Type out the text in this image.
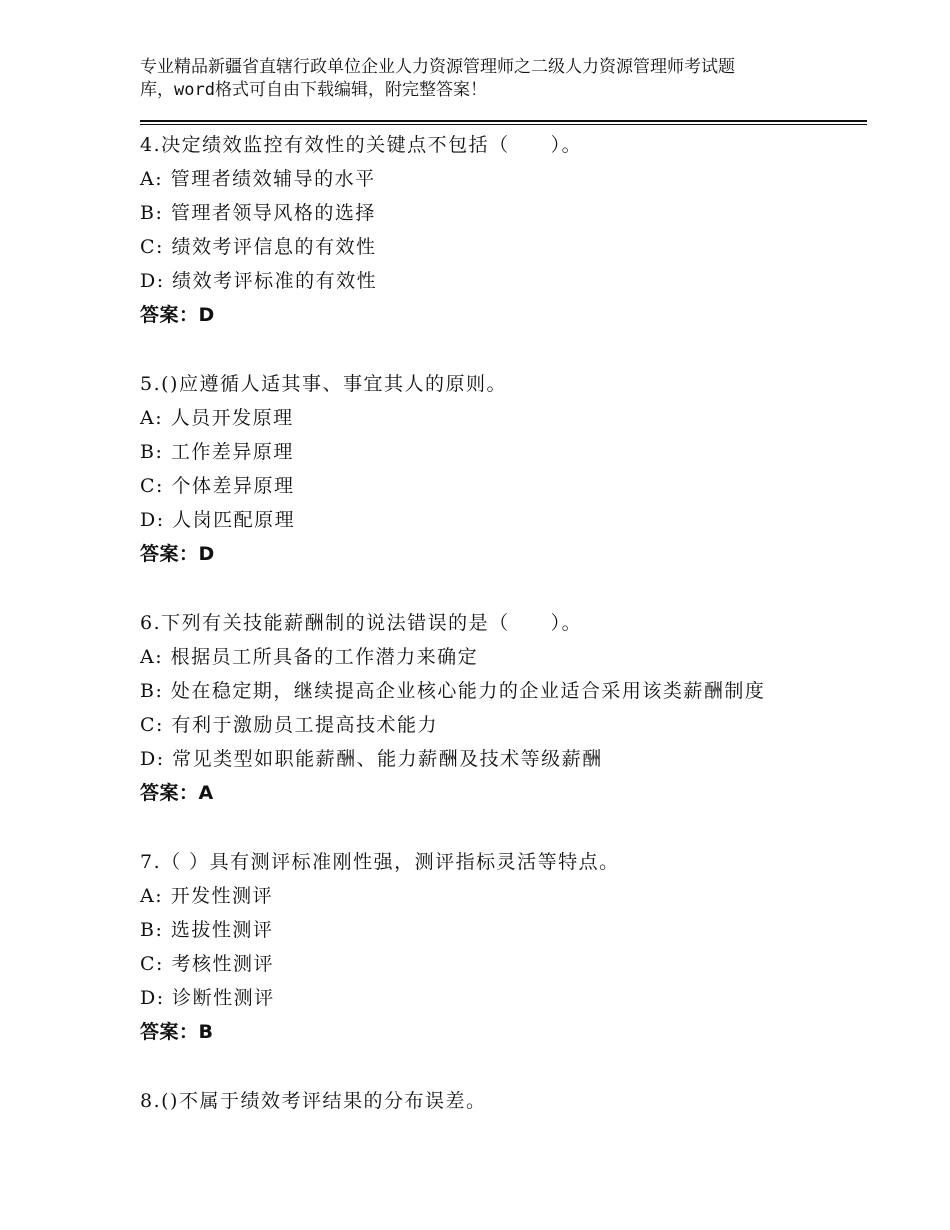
专业精品新疆省直辖行政单位企业人力资源管理师之二级人力资源管理师考试题
库，word格式可自由下载编辑，附完整答案！
4.决定绩效监控有效性的关键点不包括（　　）。
A: 管理者绩效辅导的水平
B: 管理者领导风格的选择
C: 绩效考评信息的有效性
D: 绩效考评标准的有效性
答案：D
5.()应遵循人适其事、事宜其人的原则。
A: 人员开发原理
B: 工作差异原理
C: 个体差异原理
D: 人岗匹配原理
答案：D
6.下列有关技能薪酬制的说法错误的是（　　）。
A: 根据员工所具备的工作潜力来确定
B: 处在稳定期，继续提高企业核心能力的企业适合采用该类薪酬制度
C: 有利于激励员工提高技术能力
D: 常见类型如职能薪酬、能力薪酬及技术等级薪酬
答案：A
7.（ ）具有测评标准刚性强，测评指标灵活等特点。
A: 开发性测评
B: 选拔性测评
C: 考核性测评
D: 诊断性测评
答案：B
8.()不属于绩效考评结果的分布误差。
